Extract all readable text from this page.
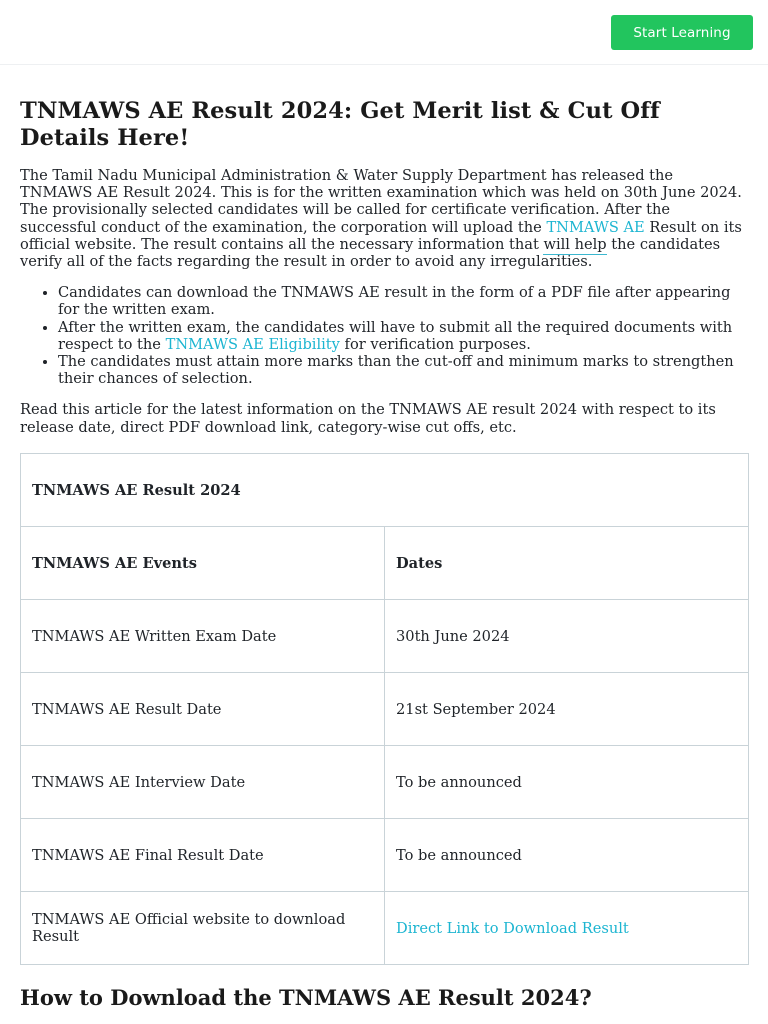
Start Learning
TNMAWS AE Result 2024: Get Merit list & Cut Off Details Here!

The Tamil Nadu Municipal Administration & Water Supply Department has released the TNMAWS AE Result 2024. This is for the written examination which was held on 30th June 2024. The provisionally selected candidates will be called for certificate verification. After the successful conduct of the examination, the corporation will upload the TNMAWS AE Result on its official website. The result contains all the necessary information that will help the candidates verify all of the facts regarding the result in order to avoid any irregularities.

• Candidates can download the TNMAWS AE result in the form of a PDF file after appearing for the written exam.
• After the written exam, the candidates will have to submit all the required documents with respect to the TNMAWS AE Eligibility for verification purposes.
• The candidates must attain more marks than the cut-off and minimum marks to strengthen their chances of selection.

Read this article for the latest information on the TNMAWS AE result 2024 with respect to its release date, direct PDF download link, category-wise cut offs, etc.

TNMAWS AE Result 2024	
TNMAWS AE Events	Dates
TNMAWS AE Written Exam Date	30th June 2024
TNMAWS AE Result Date	21st September 2024
TNMAWS AE Interview Date	To be announced
TNMAWS AE Final Result Date	To be announced
TNMAWS AE Official website to download Result	Direct Link to Download Result
How to Download the TNMAWS AE Result 2024?
